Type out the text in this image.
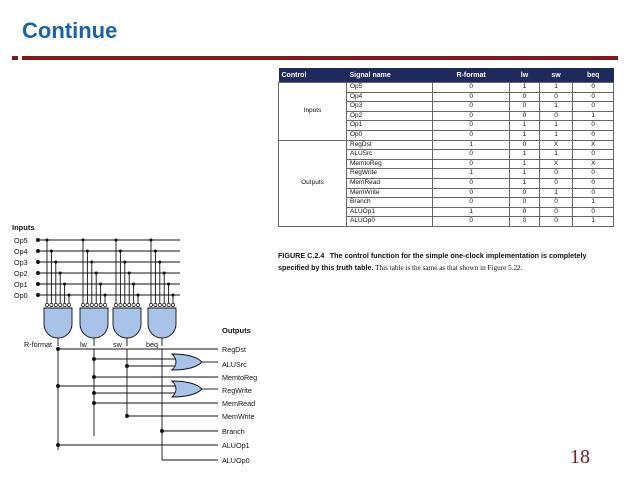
Continue
Control	Signal name	R-format	lw	sw	beq
Inputs	Op5	0	1	1	0
	Op4	0	0	0	0
	Op3	0	0	1	0
	Op2	0	0	0	1
	Op1	0	1	1	0
	Op0	0	1	1	0
Outputs	RegDst	1	0	X	X
	ALUSrc	0	1	1	0
	MemtoReg	0	1	X	X
	RegWrite	1	1	0	0
	MemRead	0	1	0	0
	MemWrite	0	0	1	0
	Branch	0	0	0	1
	ALUOp1	1	0	0	0
	ALUOp0	0	0	0	1
FIGURE C.2.4 The control function for the simple one-clock implementation is completely specified by this truth table. This table is the same as that shown in Figure 5.22.
Inputs
Outputs
Op5
Op4
Op3
Op2
Op1
Op0
R-format	lw	sw	beq
RegDst
ALUSrc
MemtoReg
RegWrite
MemRead
MemWrite
Branch
ALUOp1
ALUOp0	18
